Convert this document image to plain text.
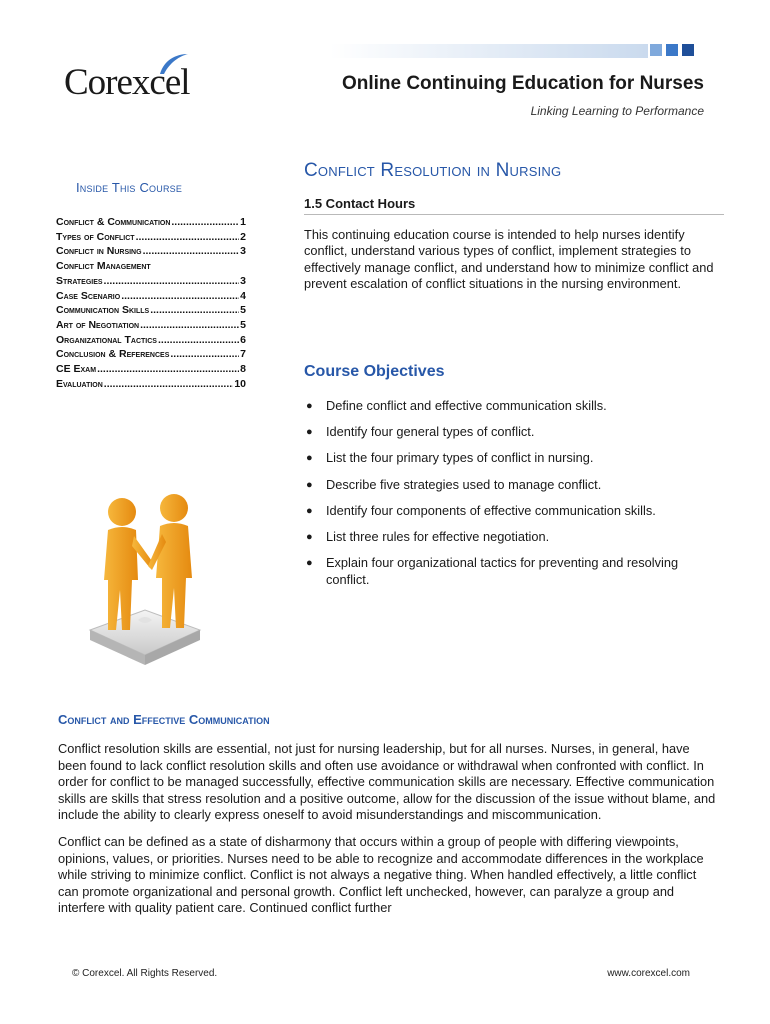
Corexcel	Online Continuing Education for Nurses
Linking Learning to Performance
Inside This Course
Conflict & Communication .....	1
Types of Conflict .....	2
Conflict in Nursing .....	3
Conflict Management
Strategies .....	3
Case Scenario .....	4
Communication Skills .....	5
Art of Negotiation .....	5
Organizational Tactics .....	6
Conclusion & References .....	7
CE Exam .....	8
Evaluation .....	10
Conflict Resolution in Nursing
1.5 Contact Hours

This continuing education course is intended to help nurses identify conflict, understand various types of conflict, implement strategies to effectively manage conflict, and understand how to minimize conflict and prevent escalation of conflict situations in the nursing environment.

Course Objectives
● Define conflict and effective communication skills.
● Identify four general types of conflict.
● List the four primary types of conflict in nursing.
● Describe five strategies used to manage conflict.
● Identify four components of effective communication skills.
● List three rules for effective negotiation.
● Explain four organizational tactics for preventing and resolving conflict.
Conflict and Effective Communication

Conflict resolution skills are essential, not just for nursing leadership, but for all nurses. Nurses, in general, have been found to lack conflict resolution skills and often use avoidance or withdrawal when confronted with conflict. In order for conflict to be managed successfully, effective communication skills are necessary. Effective communication skills are skills that stress resolution and a positive outcome, allow for the discussion of the issue without blame, and include the ability to clearly express oneself to avoid misunderstandings and miscommunication.

Conflict can be defined as a state of disharmony that occurs within a group of people with differing viewpoints, opinions, values, or priorities. Nurses need to be able to recognize and accommodate differences in the workplace while striving to minimize conflict. Conflict is not always a negative thing. When handled effectively, a little conflict can promote organizational and personal growth. Conflict left unchecked, however, can paralyze a group and interfere with quality patient care. Continued conflict further

© Corexcel. All Rights Reserved.	www.corexcel.com
